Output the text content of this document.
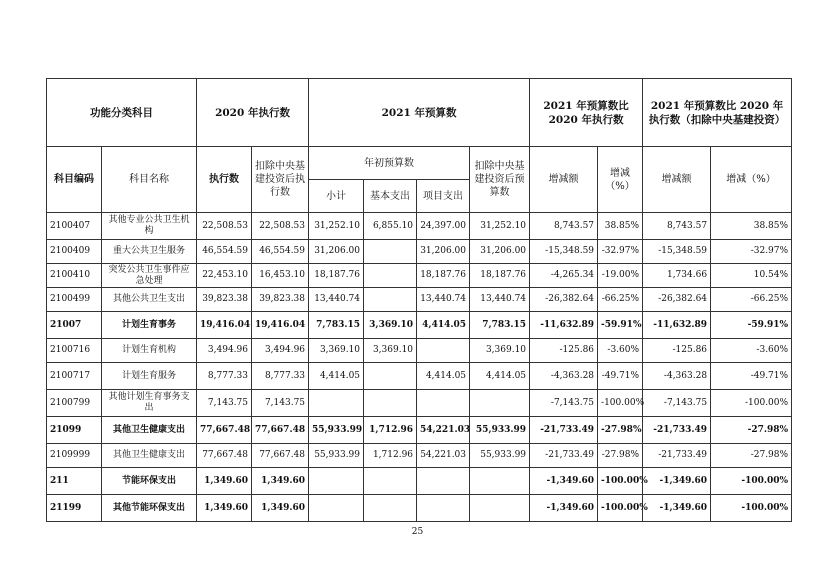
功能分类科目		2020 年执行数		2021 年预算数				2021 年预算数比 2020 年执行数		2021 年预算数比 2020 年执行数（扣除中央基建投资）	
科目编码	科目名称	执行数	扣除中央基建投资后执行数	年初预算数			扣除中央基建投资后预算数	增减额	增减（%）	增减额	增减（%）
				小计	基本支出	项目支出					
2100407	其他专业公共卫生机构	22,508.53	22,508.53	31,252.10	6,855.10	24,397.00	31,252.10	8,743.57	38.85%	8,743.57	38.85%
2100409	重大公共卫生服务	46,554.59	46,554.59	31,206.00		31,206.00	31,206.00	-15,348.59	-32.97%	-15,348.59	-32.97%
2100410	突发公共卫生事件应急处理	22,453.10	16,453.10	18,187.76		18,187.76	18,187.76	-4,265.34	-19.00%	1,734.66	10.54%
2100499	其他公共卫生支出	39,823.38	39,823.38	13,440.74		13,440.74	13,440.74	-26,382.64	-66.25%	-26,382.64	-66.25%
21007	计划生育事务	19,416.04	19,416.04	7,783.15	3,369.10	4,414.05	7,783.15	-11,632.89	-59.91%	-11,632.89	-59.91%
2100716	计划生育机构	3,494.96	3,494.96	3,369.10	3,369.10		3,369.10	-125.86	-3.60%	-125.86	-3.60%
2100717	计划生育服务	8,777.33	8,777.33	4,414.05		4,414.05	4,414.05	-4,363.28	-49.71%	-4,363.28	-49.71%
2100799	其他计划生育事务支出	7,143.75	7,143.75					-7,143.75	-100.00%	-7,143.75	-100.00%
21099	其他卫生健康支出	77,667.48	77,667.48	55,933.99	1,712.96	54,221.03	55,933.99	-21,733.49	-27.98%	-21,733.49	-27.98%
2109999	其他卫生健康支出	77,667.48	77,667.48	55,933.99	1,712.96	54,221.03	55,933.99	-21,733.49	-27.98%	-21,733.49	-27.98%
211	节能环保支出	1,349.60	1,349.60					-1,349.60	-100.00%	-1,349.60	-100.00%
21199	其他节能环保支出	1,349.60	1,349.60					-1,349.60	-100.00%	-1,349.60	-100.00%
25
